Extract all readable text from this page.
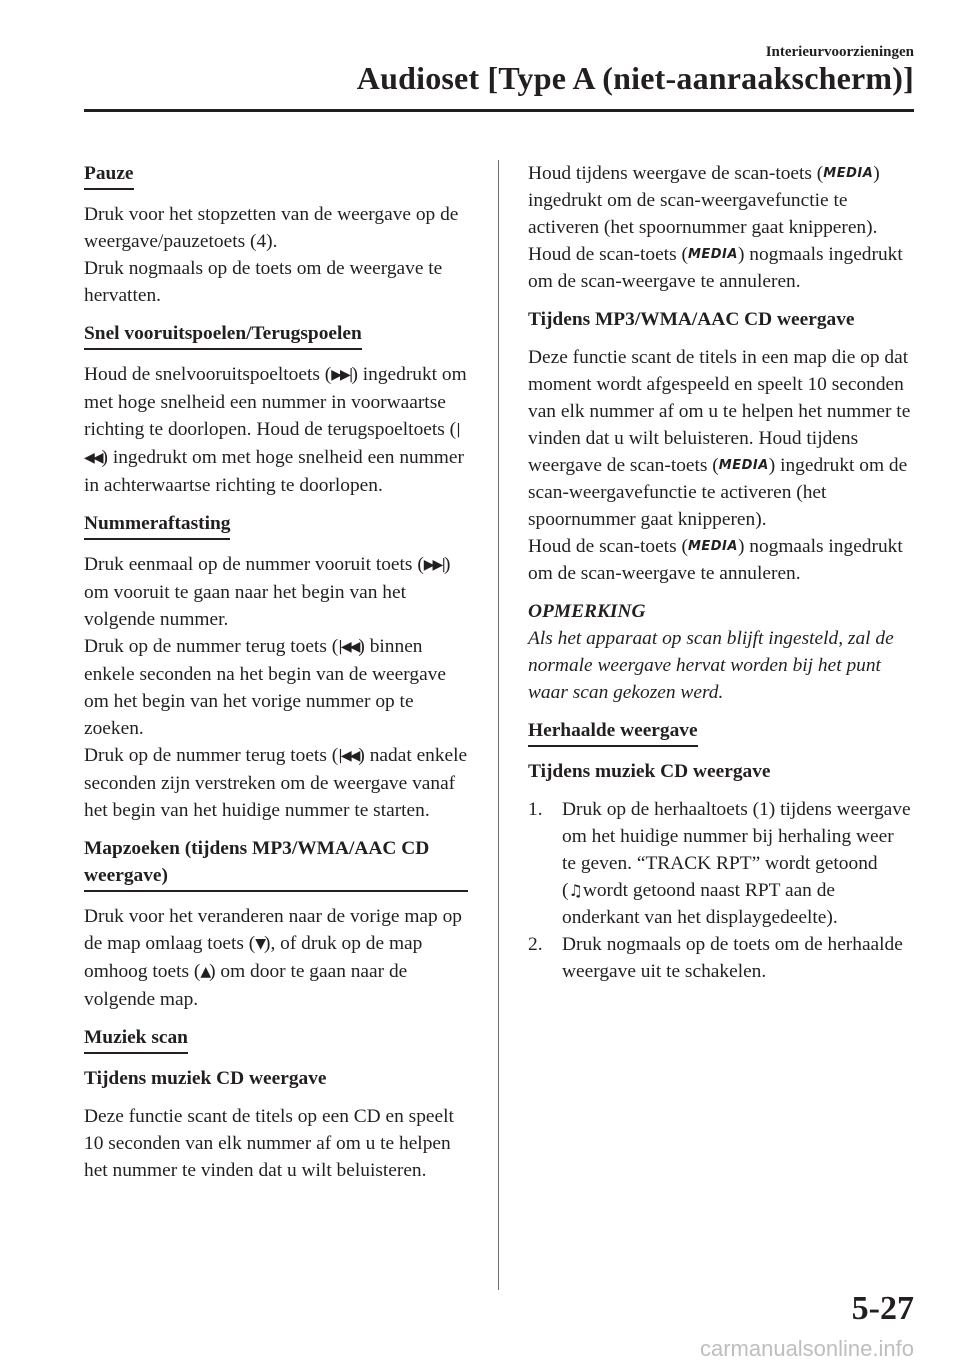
Interieurvoorzieningen
Audioset [Type A (niet-aanraakscherm)]
Pauze

Druk voor het stopzetten van de weergave op de weergave/pauzetoets (4).
Druk nogmaals op de toets om de weergave te hervatten.

Snel vooruitspoelen/Terugspoelen

Houd de snelvooruitspoeltoets (▶▶|) ingedrukt om met hoge snelheid een nummer in voorwaartse richting te doorlopen. Houd de terugspoeltoets (|◀◀) ingedrukt om met hoge snelheid een nummer in achterwaartse richting te doorlopen.

Nummeraftasting

Druk eenmaal op de nummer vooruit toets (▶▶|) om vooruit te gaan naar het begin van het volgende nummer.
Druk op de nummer terug toets (|◀◀) binnen enkele seconden na het begin van de weergave om het begin van het vorige nummer op te zoeken.
Druk op de nummer terug toets (|◀◀) nadat enkele seconden zijn verstreken om de weergave vanaf het begin van het huidige nummer te starten.

Mapzoeken (tijdens MP3/WMA/AAC CD weergave)

Druk voor het veranderen naar de vorige map op de map omlaag toets (▼), of druk op de map omhoog toets (▲) om door te gaan naar de volgende map.

Muziek scan
Tijdens muziek CD weergave

Deze functie scant de titels op een CD en speelt 10 seconden van elk nummer af om u te helpen het nummer te vinden dat u wilt beluisteren.

Houd tijdens weergave de scan-toets (MEDIA) ingedrukt om de scan-weergavefunctie te activeren (het spoornummer gaat knipperen). Houd de scan-toets (MEDIA) nogmaals ingedrukt om de scan-weergave te annuleren.

Tijdens MP3/WMA/AAC CD weergave

Deze functie scant de titels in een map die op dat moment wordt afgespeeld en speelt 10 seconden van elk nummer af om u te helpen het nummer te vinden dat u wilt beluisteren. Houd tijdens weergave de scan-toets (MEDIA) ingedrukt om de scan-weergavefunctie te activeren (het spoornummer gaat knipperen).
Houd de scan-toets (MEDIA) nogmaals ingedrukt om de scan-weergave te annuleren.

OPMERKING

Als het apparaat op scan blijft ingesteld, zal de normale weergave hervat worden bij het punt waar scan gekozen werd.

Herhaalde weergave
Tijdens muziek CD weergave
1. Druk op de herhaaltoets (1) tijdens weergave om het huidige nummer bij herhaling weer te geven. “TRACK RPT” wordt getoond (♫wordt getoond naast RPT aan de onderkant van het displaygedeelte).
2. Druk nogmaals op de toets om de herhaalde weergave uit te schakelen.
5-27
carmanualsonline.info
